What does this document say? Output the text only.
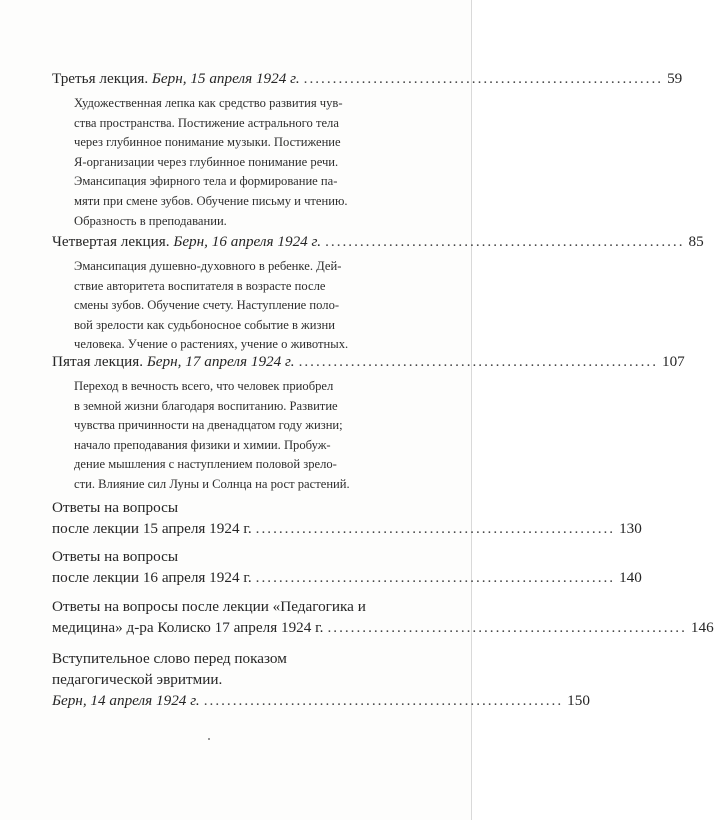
Третья лекция. Берн, 15 апреля 1924 г. .............................................................. 59
Художественная лепка как средство развития чув-
ства пространства. Постижение астрального тела
через глубинное понимание музыки. Постижение
Я-организации через глубинное понимание речи.
Эмансипация эфирного тела и формирование па-
мяти при смене зубов. Обучение письму и чтению.
Образность в преподавании.
Четвертая лекция. Берн, 16 апреля 1924 г. .............................................................. 85
Эмансипация душевно-духовного в ребенке. Дей-
ствие авторитета воспитателя в возрасте после
смены зубов. Обучение счету. Наступление поло-
вой зрелости как судьбоносное событие в жизни
человека. Учение о растениях, учение о животных.
Пятая лекция. Берн, 17 апреля 1924 г. .............................................................. 107
Переход в вечность всего, что человек приобрел
в земной жизни благодаря воспитанию. Развитие
чувства причинности на двенадцатом году жизни;
начало преподавания физики и химии. Пробуж-
дение мышления с наступлением половой зрело-
сти. Влияние сил Луны и Солнца на рост растений.
Ответы на вопросы
после лекции 15 апреля 1924 г. .............................................................. 130
Ответы на вопросы
после лекции 16 апреля 1924 г. .............................................................. 140
Ответы на вопросы после лекции «Педагогика и
медицина» д-ра Колиско 17 апреля 1924 г. .............................................................. 146
Вступительное слово перед показом
педагогической эвритмии.
Берн, 14 апреля 1924 г. .............................................................. 150
